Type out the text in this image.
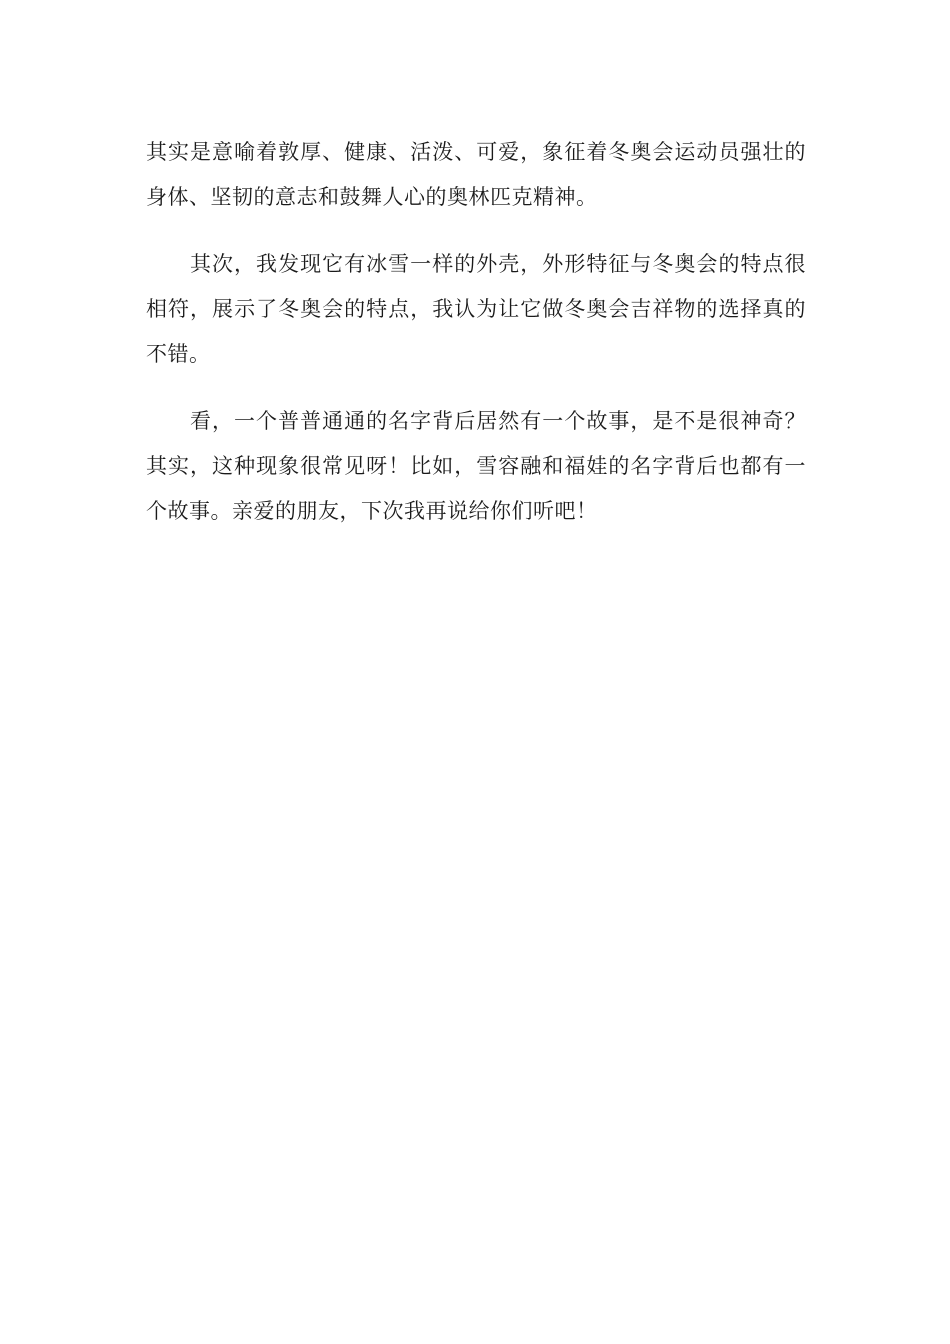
其实是意喻着敦厚、健康、活泼、可爱，象征着冬奥会运动员强壮的身体、坚韧的意志和鼓舞人心的奥林匹克精神。

其次，我发现它有冰雪一样的外壳，外形特征与冬奥会的特点很相符，展示了冬奥会的特点，我认为让它做冬奥会吉祥物的选择真的不错。

看，一个普普通通的名字背后居然有一个故事，是不是很神奇？其实，这种现象很常见呀！比如，雪容融和福娃的名字背后也都有一个故事。亲爱的朋友，下次我再说给你们听吧！
